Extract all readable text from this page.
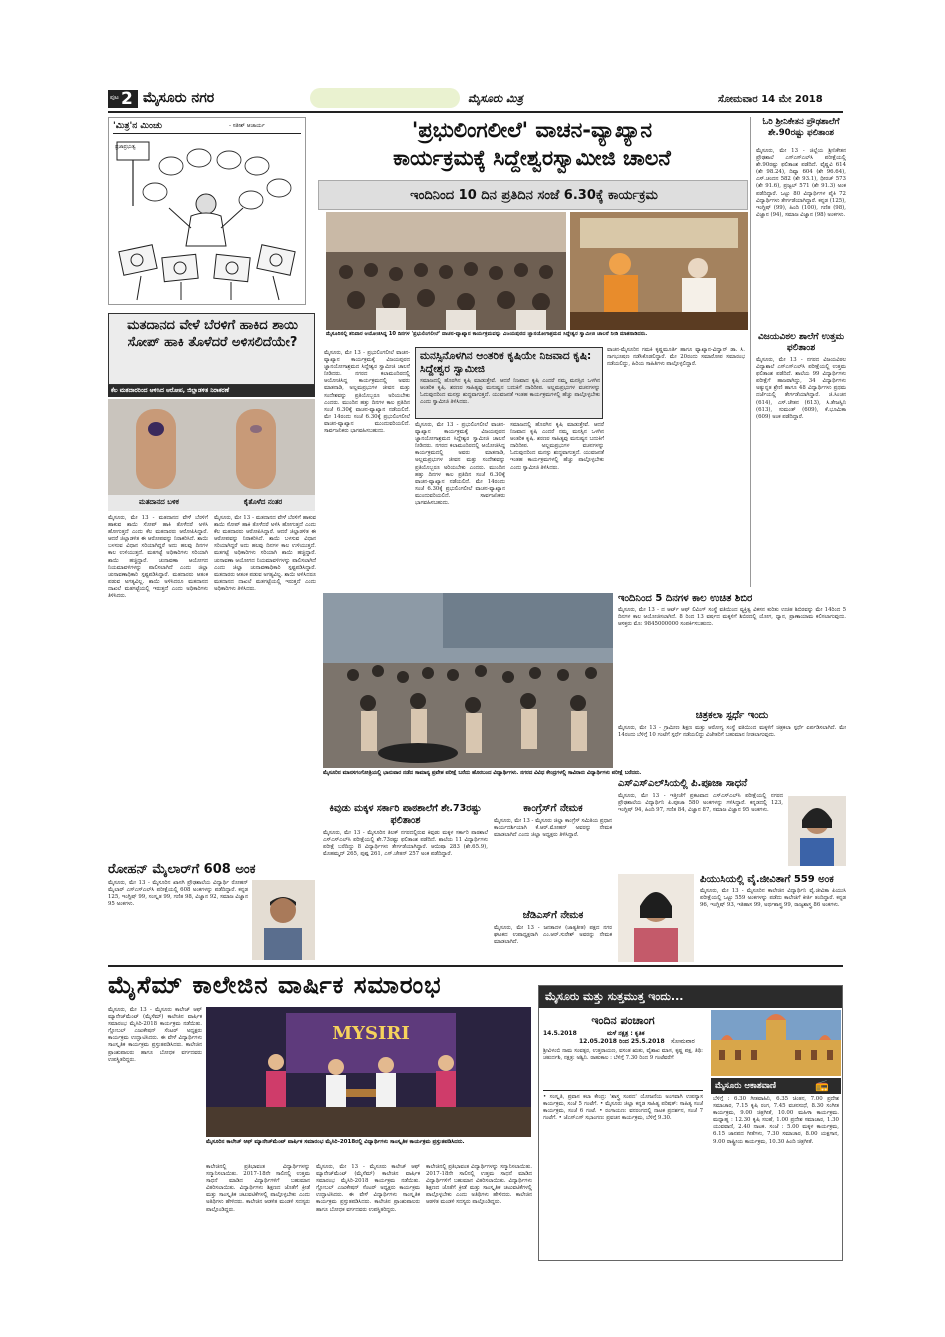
ಪುಟ 2 ಮೈಸೂರು ನಗರ	ಮೈಸೂರು ಮಿತ್ರ	ಸೋಮವಾರ 14 ಮೇ 2018
'ಮಿತ್ರ'ನ ಮಿಂಚು	- ಸತೀಶ್ ಆಚಾರ್ಯ
ಪ್ರಜಾಪ್ರಭುತ್ವ
'ಪ್ರಭುಲಿಂಗಲೀಲೆ' ವಾಚನ-ವ್ಯಾಖ್ಯಾನ
ಕಾರ್ಯಕ್ರಮಕ್ಕೆ ಸಿದ್ದೇಶ್ವರಸ್ವಾಮೀಜಿ ಚಾಲನೆ
ಇಂದಿನಿಂದ 10 ದಿನ ಪ್ರತಿದಿನ ಸಂಜೆ 6.30ಕ್ಕೆ ಕಾರ್ಯಕ್ರಮ
ಮೈಸೂರಿನಲ್ಲಿ ಶನಿವಾರ ಆಯೋಜಿಸಿದ್ದ 10 ದಿನಗಳ 'ಪ್ರಭುಲಿಂಗಲೀಲೆ' ವಾಚನ-ವ್ಯಾಖ್ಯಾನ ಕಾರ್ಯಕ್ರಮವನ್ನು ವಿಜಯಪುರದ ಜ್ಞಾನಯೋಗಾಶ್ರಮದ ಸಿದ್ದೇಶ್ವರ ಸ್ವಾಮೀಜಿ ಚಾಲನೆ ನೀಡಿ ಮಾತನಾಡಿದರು.
ಮೈಸೂರು, ಮೇ 13 - ಪ್ರಭುಲಿಂಗಲೀಲೆ ವಾಚನ-ವ್ಯಾಖ್ಯಾನ ಕಾರ್ಯಕ್ರಮಕ್ಕೆ ವಿಜಯಪುರದ ಜ್ಞಾನಯೋಗಾಶ್ರಮದ ಸಿದ್ದೇಶ್ವರ ಸ್ವಾಮೀಜಿ ಚಾಲನೆ ನೀಡಿದರು. ನಗರದ ಕಲಾಮಂದಿರದಲ್ಲಿ ಆಯೋಜಿಸಿದ್ದ ಕಾರ್ಯಕ್ರಮದಲ್ಲಿ ಅವರು ಮಾತನಾಡಿ, ಅಲ್ಲಮಪ್ರಭುಗಳ ಜೀವನ ಮತ್ತು ಸಂದೇಶವನ್ನು ಪ್ರತಿಯೊಬ್ಬರೂ ಅರಿಯಬೇಕು ಎಂದರು. ಮುಂದಿನ ಹತ್ತು ದಿನಗಳ ಕಾಲ ಪ್ರತಿದಿನ ಸಂಜೆ 6.30ಕ್ಕೆ ವಾಚನ-ವ್ಯಾಖ್ಯಾನ ನಡೆಯಲಿದೆ. ಮೇ 14ರಂದು ಸಂಜೆ 6.30ಕ್ಕೆ ಪ್ರಭುಲಿಂಗಲೀಲೆ ವಾಚನ-ವ್ಯಾಖ್ಯಾನ ಮುಂದುವರಿಯಲಿದೆ. ಸಾರ್ವಜನಿಕರು ಭಾಗವಹಿಸಬಹುದು.
ಮನಸ್ಸಿನೊಳಗಿನ ಆಂತರಿಕ ಕೃಷಿಯೇ ನಿಜವಾದ ಕೃಷಿ: ಸಿದ್ದೇಶ್ವರ ಸ್ವಾಮೀಜಿ
ಸಮಾಜದಲ್ಲಿ ಹೊರಗಿನ ಕೃಷಿ ಮಾಡುತ್ತೇವೆ. ಆದರೆ ನಿಜವಾದ ಕೃಷಿ ಎಂದರೆ ನಮ್ಮ ಮನಸ್ಸಿನ ಒಳಗಿನ ಆಂತರಿಕ ಕೃಷಿ. ಶರಣರ ಸಾಹಿತ್ಯವು ಮನುಷ್ಯನ ಬದುಕಿಗೆ ದಾರಿದೀಪ. ಅಲ್ಲಮಪ್ರಭುಗಳ ವಚನಗಳನ್ನು ಓದುವುದರಿಂದ ಮನಸ್ಸು ಶುದ್ಧವಾಗುತ್ತದೆ. ಯುವಜನತೆ ಇಂತಹ ಕಾರ್ಯಕ್ರಮಗಳಲ್ಲಿ ಹೆಚ್ಚು ಪಾಲ್ಗೊಳ್ಳಬೇಕು ಎಂದು ಸ್ವಾಮೀಜಿ ತಿಳಿಸಿದರು.
ಮೈಸೂರು, ಮೇ 13 - ಪ್ರಭುಲಿಂಗಲೀಲೆ ವಾಚನ-ವ್ಯಾಖ್ಯಾನ ಕಾರ್ಯಕ್ರಮಕ್ಕೆ ವಿಜಯಪುರದ ಜ್ಞಾನಯೋಗಾಶ್ರಮದ ಸಿದ್ದೇಶ್ವರ ಸ್ವಾಮೀಜಿ ಚಾಲನೆ ನೀಡಿದರು. ನಗರದ ಕಲಾಮಂದಿರದಲ್ಲಿ ಆಯೋಜಿಸಿದ್ದ ಕಾರ್ಯಕ್ರಮದಲ್ಲಿ ಅವರು ಮಾತನಾಡಿ, ಅಲ್ಲಮಪ್ರಭುಗಳ ಜೀವನ ಮತ್ತು ಸಂದೇಶವನ್ನು ಪ್ರತಿಯೊಬ್ಬರೂ ಅರಿಯಬೇಕು ಎಂದರು. ಮುಂದಿನ ಹತ್ತು ದಿನಗಳ ಕಾಲ ಪ್ರತಿದಿನ ಸಂಜೆ 6.30ಕ್ಕೆ ವಾಚನ-ವ್ಯಾಖ್ಯಾನ ನಡೆಯಲಿದೆ. ಮೇ 14ರಂದು ಸಂಜೆ 6.30ಕ್ಕೆ ಪ್ರಭುಲಿಂಗಲೀಲೆ ವಾಚನ-ವ್ಯಾಖ್ಯಾನ ಮುಂದುವರಿಯಲಿದೆ. ಸಾರ್ವಜನಿಕರು ಭಾಗವಹಿಸಬಹುದು.
ಸಮಾಜದಲ್ಲಿ ಹೊರಗಿನ ಕೃಷಿ ಮಾಡುತ್ತೇವೆ. ಆದರೆ ನಿಜವಾದ ಕೃಷಿ ಎಂದರೆ ನಮ್ಮ ಮನಸ್ಸಿನ ಒಳಗಿನ ಆಂತರಿಕ ಕೃಷಿ. ಶರಣರ ಸಾಹಿತ್ಯವು ಮನುಷ್ಯನ ಬದುಕಿಗೆ ದಾರಿದೀಪ. ಅಲ್ಲಮಪ್ರಭುಗಳ ವಚನಗಳನ್ನು ಓದುವುದರಿಂದ ಮನಸ್ಸು ಶುದ್ಧವಾಗುತ್ತದೆ. ಯುವಜನತೆ ಇಂತಹ ಕಾರ್ಯಕ್ರಮಗಳಲ್ಲಿ ಹೆಚ್ಚು ಪಾಲ್ಗೊಳ್ಳಬೇಕು ಎಂದು ಸ್ವಾಮೀಜಿ ತಿಳಿಸಿದರು.
ವಾಚನ-ಮೈಸೂರಿನ ಗಮಕಿ ಕೃಷ್ಣಮೂರ್ತಿ ಹಾಗೂ ವ್ಯಾಖ್ಯಾನ-ವಿದ್ವಾನ್ ಡಾ. ಸಿ. ನಾಗಭೂಷಣ ನಡೆಸಿಕೊಡಲಿದ್ದಾರೆ. ಮೇ 20ರಂದು ಸಮಾರೋಪ ಸಮಾರಂಭ ನಡೆಯಲಿದ್ದು, ಹಿರಿಯ ಸಾಹಿತಿಗಳು ಪಾಲ್ಗೊಳ್ಳಲಿದ್ದಾರೆ.
ಮತದಾನದ ವೇಳೆ ಬೆರಳಿಗೆ ಹಾಕಿದ ಶಾಯಿ ಸೋಪ್ ಹಾಕಿ ತೊಳೆದರೆ ಅಳಿಸಲಿದೆಯೇ?
ಕೆಲ ಮತದಾರರಿಂದ ಆಳಿಸಿದ ಆರೋಪ, ಜಿಲ್ಲಾಡಳಿತ ನಿರಾಕರಣೆ
ಮತದಾನದ ಬಳಿಕ	ಕೈತೊಳೆದ ನಂತರ
ಮೈಸೂರು, ಮೇ 13 - ಮತದಾನದ ವೇಳೆ ಬೆರಳಿಗೆ ಹಾಕುವ ಶಾಯಿ ಸೋಪ್ ಹಾಕಿ ತೊಳೆದರೆ ಅಳಿಸಿ ಹೋಗುತ್ತದೆ ಎಂದು ಕೆಲ ಮತದಾರರು ಆರೋಪಿಸಿದ್ದಾರೆ. ಆದರೆ ಜಿಲ್ಲಾಡಳಿತ ಈ ಆರೋಪವನ್ನು ನಿರಾಕರಿಸಿದೆ. ಶಾಯಿ ಬಳಸುವ ವಿಧಾನ ಸರಿಯಾಗಿದ್ದರೆ ಅದು ಹಲವು ದಿನಗಳ ಕಾಲ ಉಳಿಯುತ್ತದೆ. ಮತಗಟ್ಟೆ ಅಧಿಕಾರಿಗಳು ಸರಿಯಾಗಿ ಶಾಯಿ ಹಚ್ಚಿದ್ದಾರೆ. ಚುನಾವಣಾ ಆಯೋಗದ ನಿಯಮಾವಳಿಗಳನ್ನು ಪಾಲಿಸಲಾಗಿದೆ ಎಂದು ಜಿಲ್ಲಾ ಚುನಾವಣಾಧಿಕಾರಿ ಸ್ಪಷ್ಟಪಡಿಸಿದ್ದಾರೆ. ಮತದಾರರು ಆತಂಕ ಪಡುವ ಅಗತ್ಯವಿಲ್ಲ. ಶಾಯಿ ಅಳಿಸಿದರೂ ಮತದಾನದ ದಾಖಲೆ ಮತಗಟ್ಟೆಯಲ್ಲಿ ಇರುತ್ತದೆ ಎಂದು ಅಧಿಕಾರಿಗಳು ತಿಳಿಸಿದರು.
ಮೈಸೂರು, ಮೇ 13 - ಮತದಾನದ ವೇಳೆ ಬೆರಳಿಗೆ ಹಾಕುವ ಶಾಯಿ ಸೋಪ್ ಹಾಕಿ ತೊಳೆದರೆ ಅಳಿಸಿ ಹೋಗುತ್ತದೆ ಎಂದು ಕೆಲ ಮತದಾರರು ಆರೋಪಿಸಿದ್ದಾರೆ. ಆದರೆ ಜಿಲ್ಲಾಡಳಿತ ಈ ಆರೋಪವನ್ನು ನಿರಾಕರಿಸಿದೆ. ಶಾಯಿ ಬಳಸುವ ವಿಧಾನ ಸರಿಯಾಗಿದ್ದರೆ ಅದು ಹಲವು ದಿನಗಳ ಕಾಲ ಉಳಿಯುತ್ತದೆ. ಮತಗಟ್ಟೆ ಅಧಿಕಾರಿಗಳು ಸರಿಯಾಗಿ ಶಾಯಿ ಹಚ್ಚಿದ್ದಾರೆ. ಚುನಾವಣಾ ಆಯೋಗದ ನಿಯಮಾವಳಿಗಳನ್ನು ಪಾಲಿಸಲಾಗಿದೆ ಎಂದು ಜಿಲ್ಲಾ ಚುನಾವಣಾಧಿಕಾರಿ ಸ್ಪಷ್ಟಪಡಿಸಿದ್ದಾರೆ. ಮತದಾರರು ಆತಂಕ ಪಡುವ ಅಗತ್ಯವಿಲ್ಲ. ಶಾಯಿ ಅಳಿಸಿದರೂ ಮತದಾನದ ದಾಖಲೆ ಮತಗಟ್ಟೆಯಲ್ಲಿ ಇರುತ್ತದೆ ಎಂದು ಅಧಿಕಾರಿಗಳು ತಿಳಿಸಿದರು.
ಮೈಸೂರಿನ ಮಾನಸಗಂಗೋತ್ರಿಯಲ್ಲಿ ಭಾನುವಾರ ನಡೆದ ಸಾಮಾನ್ಯ ಪ್ರವೇಶ ಪರೀಕ್ಷೆ ಬರೆದು ಹೊರಬಂದ ವಿದ್ಯಾರ್ಥಿಗಳು. ನಗರದ ವಿವಿಧ ಕೇಂದ್ರಗಳಲ್ಲಿ ಸಾವಿರಾರು ವಿದ್ಯಾರ್ಥಿಗಳು ಪರೀಕ್ಷೆ ಬರೆದರು.
ಓರಿ ಶ್ರೀನಿಕೇತನ ಪ್ರೌಢಶಾಲೆಗೆ ಶೇ.90ರಷ್ಟು ಫಲಿತಾಂಶ
ಮೈಸೂರು, ಮೇ 13 - ಜಿಲ್ಲೆಯ ಶ್ರೀನಿಕೇತನ ಪ್ರೌಢಶಾಲೆ ಎಸ್ಎಸ್ಎಲ್‌ಸಿ ಪರೀಕ್ಷೆಯಲ್ಲಿ ಶೇ.90ರಷ್ಟು ಫಲಿತಾಂಶ ಪಡೆದಿದೆ. ವೈಷ್ಣವಿ 614 (ಶೇ 98.24), ದಿವ್ಯಾ 604 (ಶೇ 96.64), ಎಸ್.ಚಂದನ 582 (ಶೇ 93.1), ಧೀರಜ್ 573 (ಶೇ 91.6), ಪ್ರಜ್ವಲ್ 571 (ಶೇ 91.3) ಅಂಕ ಪಡೆದಿದ್ದಾರೆ. ಒಟ್ಟು 80 ವಿದ್ಯಾರ್ಥಿಗಳ ಪೈಕಿ 72 ವಿದ್ಯಾರ್ಥಿಗಳು ತೇರ್ಗಡೆಯಾಗಿದ್ದಾರೆ. ಕನ್ನಡ (125), ಇಂಗ್ಲಿಷ್ (99), ಹಿಂದಿ (100), ಗಣಿತ (98), ವಿಜ್ಞಾನ (94), ಸಮಾಜ ವಿಜ್ಞಾನ (98) ಅಂಕಗಳು.
ವಿಜಯವಿಠಲ ಶಾಲೆಗೆ ಉತ್ತಮ ಫಲಿತಾಂಶ
ಮೈಸೂರು, ಮೇ 13 - ನಗರದ ವಿಜಯವಿಠಲ ವಿದ್ಯಾಶಾಲೆ ಎಸ್ಎಸ್ಎಲ್‌ಸಿ ಪರೀಕ್ಷೆಯಲ್ಲಿ ಉತ್ತಮ ಫಲಿತಾಂಶ ಪಡೆದಿದೆ. ಶಾಲೆಯ 99 ವಿದ್ಯಾರ್ಥಿಗಳು ಪರೀಕ್ಷೆಗೆ ಹಾಜರಾಗಿದ್ದು, 34 ವಿದ್ಯಾರ್ಥಿಗಳು ಅತ್ಯುನ್ನತ ಶ್ರೇಣಿ ಹಾಗೂ 48 ವಿದ್ಯಾರ್ಥಿಗಳು ಪ್ರಥಮ ದರ್ಜೆಯಲ್ಲಿ ತೇರ್ಗಡೆಯಾಗಿದ್ದಾರೆ. ಜಿ.ಸಿಂಚನ (614), ಎಸ್.ಚೇತನ (613), ಸಿ.ತೇಜಸ್ವಿನಿ (613), ಸುಮಂತ್ (609), ಕೆ.ಭೂಮಿಕಾ (609) ಅಂಕ ಪಡೆದಿದ್ದಾರೆ.
ಇಂದಿನಿಂದ 5 ದಿನಗಳ ಕಾಲ ಉಚಿತ ಶಿಬಿರ
ಮೈಸೂರು, ಮೇ 13 - ದ ಆರ್ಟ್ ಆಫ್ ಲಿವಿಂಗ್ ಸಂಸ್ಥೆ ವತಿಯಿಂದ ವ್ಯಕ್ತಿತ್ವ ವಿಕಸನ ಕುರಿತು ಉಚಿತ ಶಿಬಿರವನ್ನು ಮೇ 14ರಿಂದ 5 ದಿನಗಳ ಕಾಲ ಆಯೋಜಿಸಲಾಗಿದೆ. 8 ರಿಂದ 13 ವರ್ಷದ ಮಕ್ಕಳಿಗೆ ಶಿಬಿರದಲ್ಲಿ ಯೋಗ, ಧ್ಯಾನ, ಪ್ರಾಣಾಯಾಮ ಕಲಿಸಲಾಗುವುದು. ಆಸಕ್ತರು ಮೊ: 9845000000 ಸಂಪರ್ಕಿಸಬಹುದು.
ಚಿತ್ರಕಲಾ ಸ್ಪರ್ಧೆ ಇಂದು
ಮೈಸೂರು, ಮೇ 13 - ಗ್ರಾಮೀಣ ಶಿಕ್ಷಣ ಮತ್ತು ಆರೋಗ್ಯ ಸಂಸ್ಥೆ ವತಿಯಿಂದ ಮಕ್ಕಳಿಗೆ ಚಿತ್ರಕಲಾ ಸ್ಪರ್ಧೆ ಏರ್ಪಡಿಸಲಾಗಿದೆ. ಮೇ 14ರಂದು ಬೆಳಿಗ್ಗೆ 10 ಗಂಟೆಗೆ ಸ್ಪರ್ಧೆ ನಡೆಯಲಿದ್ದು ವಿಜೇತರಿಗೆ ಬಹುಮಾನ ನೀಡಲಾಗುವುದು.
ಎಸ್ಎಸ್ಎಲ್‌ಸಿಯಲ್ಲಿ ಪಿ.ಪೂಜಾ ಸಾಧನೆ
ಮೈಸೂರು, ಮೇ 13 - ಇತ್ತೀಚೆಗೆ ಪ್ರಕಟವಾದ ಎಸ್ಎಸ್ಎಲ್‌ಸಿ ಪರೀಕ್ಷೆಯಲ್ಲಿ ನಗರದ ಪ್ರೌಢಶಾಲೆಯ ವಿದ್ಯಾರ್ಥಿನಿ ಪಿ.ಪೂಜಾ 580 ಅಂಕಗಳನ್ನು ಗಳಿಸಿದ್ದಾರೆ. ಕನ್ನಡದಲ್ಲಿ 123, ಇಂಗ್ಲಿಷ್ 94, ಹಿಂದಿ 97, ಗಣಿತ 84, ವಿಜ್ಞಾನ 87, ಸಮಾಜ ವಿಜ್ಞಾನ 95 ಅಂಕಗಳು.
ಪಿಯುಸಿಯಲ್ಲಿ ವೈ.ಜೀವಿತಾಗೆ 559 ಅಂಕ
ಮೈಸೂರು, ಮೇ 13 - ಮೈಸೂರಿನ ಕಾಲೇಜಿನ ವಿದ್ಯಾರ್ಥಿನಿ ವೈ.ಜೀವಿತಾ ಪಿಯುಸಿ ಪರೀಕ್ಷೆಯಲ್ಲಿ ಒಟ್ಟು 559 ಅಂಕಗಳನ್ನು ಪಡೆದು ಕಾಲೇಜಿಗೆ ಕೀರ್ತಿ ತಂದಿದ್ದಾರೆ. ಕನ್ನಡ 96, ಇಂಗ್ಲಿಷ್ 93, ಇತಿಹಾಸ 99, ಅರ್ಥಶಾಸ್ತ್ರ 99, ರಾಜ್ಯಶಾಸ್ತ್ರ 86 ಅಂಕಗಳು.
ಕಿವುಡು ಮಕ್ಕಳ ಸರ್ಕಾರಿ ಪಾಠಶಾಲೆಗೆ ಶೇ.73ರಷ್ಟು ಫಲಿತಾಂಶ
ಮೈಸೂರು, ಮೇ 13 - ಮೈಸೂರಿನ ತಿಲಕ್ ನಗರದಲ್ಲಿರುವ ಕಿವುಡು ಮಕ್ಕಳ ಸರ್ಕಾರಿ ಪಾಠಶಾಲೆ ಎಸ್ಎಸ್ಎಲ್‌ಸಿ ಪರೀಕ್ಷೆಯಲ್ಲಿ ಶೇ.73ರಷ್ಟು ಫಲಿತಾಂಶ ಪಡೆದಿದೆ. ಶಾಲೆಯ 11 ವಿದ್ಯಾರ್ಥಿಗಳು ಪರೀಕ್ಷೆ ಬರೆದಿದ್ದು 8 ವಿದ್ಯಾರ್ಥಿಗಳು ತೇರ್ಗಡೆಯಾಗಿದ್ದಾರೆ. ಆಯಿಷಾ 283 (ಶೇ.65.9), ಮೊಹಮ್ಮದ್ 265, ಪುಷ್ಪ 261, ಎಸ್.ಚೇತನ್ 257 ಅಂಕ ಪಡೆದಿದ್ದಾರೆ.
ಕಾಂಗ್ರೆಸ್‌ಗೆ ನೇಮಕ
ಮೈಸೂರು, ಮೇ 13 - ಮೈಸೂರು ಜಿಲ್ಲಾ ಕಾಂಗ್ರೆಸ್ ಸಮಿತಿಯ ಪ್ರಧಾನ ಕಾರ್ಯದರ್ಶಿಯಾಗಿ ಕೆ.ಆರ್.ಮೋಹನ್ ಅವರನ್ನು ನೇಮಕ ಮಾಡಲಾಗಿದೆ ಎಂದು ಜಿಲ್ಲಾ ಅಧ್ಯಕ್ಷರು ತಿಳಿಸಿದ್ದಾರೆ.
ಜೆಡಿಎಸ್‌ಗೆ ನೇಮಕ
ಮೈಸೂರು, ಮೇ 13 - ಜನತಾದಳ (ಜಾತ್ಯತೀತ) ಪಕ್ಷದ ನಗರ ಘಟಕದ ಉಪಾಧ್ಯಕ್ಷರಾಗಿ ಎಂ.ಆರ್.ಸುರೇಶ್ ಅವರನ್ನು ನೇಮಕ ಮಾಡಲಾಗಿದೆ.
ರೋಹನ್ ಮೈಲಾರ್‌ಗೆ 608 ಅಂಕ
ಮೈಸೂರು, ಮೇ 13 - ಮೈಸೂರಿನ ಖಾಸಗಿ ಪ್ರೌಢಶಾಲೆಯ ವಿದ್ಯಾರ್ಥಿ ರೋಹನ್ ಮೈಲಾರ್ ಎಸ್ಎಸ್ಎಲ್‌ಸಿ ಪರೀಕ್ಷೆಯಲ್ಲಿ 608 ಅಂಕಗಳನ್ನು ಪಡೆದಿದ್ದಾರೆ. ಕನ್ನಡ 125, ಇಂಗ್ಲಿಷ್ 99, ಸಂಸ್ಕೃತ 99, ಗಣಿತ 98, ವಿಜ್ಞಾನ 92, ಸಮಾಜ ವಿಜ್ಞಾನ 95 ಅಂಕಗಳು.
ಮೈಸೆಮ್ ಕಾಲೇಜಿನ ವಾರ್ಷಿಕ ಸಮಾರಂಭ
ಮೈಸೂರು, ಮೇ 13 - ಮೈಸೂರು ಕಾಲೇಜ್ ಆಫ್ ಮ್ಯಾನೇಜ್‌ಮೆಂಟ್ (ಮೈಸೆಮ್) ಕಾಲೇಜಿನ ವಾರ್ಷಿಕ ಸಮಾರಂಭ ಮೈಸಿರಿ-2018 ಕಾರ್ಯಕ್ರಮ ನಡೆಯಿತು. ಗ್ಲೋಬಲ್ ಎಜುಕೇಷನ್ ಸೆಂಟರ್ ಅಧ್ಯಕ್ಷರು ಕಾರ್ಯಕ್ರಮ ಉದ್ಘಾಟಿಸಿದರು. ಈ ವೇಳೆ ವಿದ್ಯಾರ್ಥಿಗಳು ಸಾಂಸ್ಕೃತಿಕ ಕಾರ್ಯಕ್ರಮ ಪ್ರಸ್ತುತಪಡಿಸಿದರು. ಕಾಲೇಜಿನ ಪ್ರಾಂಶುಪಾಲರು ಹಾಗೂ ಬೋಧಕ ವರ್ಗದವರು ಉಪಸ್ಥಿತರಿದ್ದರು.
MYSIRI
ಮೈಸೂರಿನ ಕಾಲೇಜ್ ಆಫ್ ಮ್ಯಾನೇಜ್‌ಮೆಂಟ್ ವಾರ್ಷಿಕ ಸಮಾರಂಭ ಮೈಸಿರಿ-2018ರಲ್ಲಿ ವಿದ್ಯಾರ್ಥಿಗಳು ಸಾಂಸ್ಕೃತಿಕ ಕಾರ್ಯಕ್ರಮ ಪ್ರಸ್ತುತಪಡಿಸಿದರು.
ಕಾಲೇಜಿನಲ್ಲಿ ಪ್ರತಿಭಾವಂತ ವಿದ್ಯಾರ್ಥಿಗಳನ್ನು ಸನ್ಮಾನಿಸಲಾಯಿತು. 2017-18ನೇ ಸಾಲಿನಲ್ಲಿ ಉತ್ತಮ ಸಾಧನೆ ಮಾಡಿದ ವಿದ್ಯಾರ್ಥಿಗಳಿಗೆ ಬಹುಮಾನ ವಿತರಿಸಲಾಯಿತು. ವಿದ್ಯಾರ್ಥಿಗಳು ಶಿಕ್ಷಣದ ಜೊತೆಗೆ ಕ್ರೀಡೆ ಮತ್ತು ಸಾಂಸ್ಕೃತಿಕ ಚಟುವಟಿಕೆಗಳಲ್ಲಿ ಪಾಲ್ಗೊಳ್ಳಬೇಕು ಎಂದು ಅತಿಥಿಗಳು ಹೇಳಿದರು. ಕಾಲೇಜಿನ ಆಡಳಿತ ಮಂಡಳಿ ಸದಸ್ಯರು ಪಾಲ್ಗೊಂಡಿದ್ದರು.
ಮೈಸೂರು, ಮೇ 13 - ಮೈಸೂರು ಕಾಲೇಜ್ ಆಫ್ ಮ್ಯಾನೇಜ್‌ಮೆಂಟ್ (ಮೈಸೆಮ್) ಕಾಲೇಜಿನ ವಾರ್ಷಿಕ ಸಮಾರಂಭ ಮೈಸಿರಿ-2018 ಕಾರ್ಯಕ್ರಮ ನಡೆಯಿತು. ಗ್ಲೋಬಲ್ ಎಜುಕೇಷನ್ ಸೆಂಟರ್ ಅಧ್ಯಕ್ಷರು ಕಾರ್ಯಕ್ರಮ ಉದ್ಘಾಟಿಸಿದರು. ಈ ವೇಳೆ ವಿದ್ಯಾರ್ಥಿಗಳು ಸಾಂಸ್ಕೃತಿಕ ಕಾರ್ಯಕ್ರಮ ಪ್ರಸ್ತುತಪಡಿಸಿದರು. ಕಾಲೇಜಿನ ಪ್ರಾಂಶುಪಾಲರು ಹಾಗೂ ಬೋಧಕ ವರ್ಗದವರು ಉಪಸ್ಥಿತರಿದ್ದರು.
ಕಾಲೇಜಿನಲ್ಲಿ ಪ್ರತಿಭಾವಂತ ವಿದ್ಯಾರ್ಥಿಗಳನ್ನು ಸನ್ಮಾನಿಸಲಾಯಿತು. 2017-18ನೇ ಸಾಲಿನಲ್ಲಿ ಉತ್ತಮ ಸಾಧನೆ ಮಾಡಿದ ವಿದ್ಯಾರ್ಥಿಗಳಿಗೆ ಬಹುಮಾನ ವಿತರಿಸಲಾಯಿತು. ವಿದ್ಯಾರ್ಥಿಗಳು ಶಿಕ್ಷಣದ ಜೊತೆಗೆ ಕ್ರೀಡೆ ಮತ್ತು ಸಾಂಸ್ಕೃತಿಕ ಚಟುವಟಿಕೆಗಳಲ್ಲಿ ಪಾಲ್ಗೊಳ್ಳಬೇಕು ಎಂದು ಅತಿಥಿಗಳು ಹೇಳಿದರು. ಕಾಲೇಜಿನ ಆಡಳಿತ ಮಂಡಳಿ ಸದಸ್ಯರು ಪಾಲ್ಗೊಂಡಿದ್ದರು.
ಮೈಸೂರು ಮತ್ತು ಸುತ್ತಮುತ್ತ ಇಂದು...
ಇಂದಿನ ಪಂಚಾಂಗ
14.5.2018	ಮಳೆ ನಕ್ಷತ್ರ : ಕೃತಿಕ
12.05.2018 ರಿಂದ 25.5.2018 ಸೋಮವಾರ
ಶ್ರೀವಿಳಂಬಿ ನಾಮ ಸಂವತ್ಸರ, ಉತ್ತರಾಯಣ, ವಸಂತ ಋತು, ವೈಶಾಖ ಮಾಸ, ಕೃಷ್ಣ ಪಕ್ಷ, ತಿಥಿ: ಚತುರ್ದಶಿ, ನಕ್ಷತ್ರ: ಅಶ್ವಿನಿ. ರಾಹುಕಾಲ : ಬೆಳಿಗ್ಗೆ 7.30 ರಿಂದ 9 ಗಂಟೆವರೆಗೆ
• ಸಂಸ್ಕೃತಿ, ಪ್ರವಾಸ ಕಲಾ ಕೇಂದ್ರ: 'ಶಾಸ್ತ್ರ ಸಂಪದ' ಯೋಜನೆಯ ಅಂಗವಾಗಿ ಉಪನ್ಯಾಸ ಕಾರ್ಯಕ್ರಮ, ಸಂಜೆ 5 ಗಂಟೆಗೆ. • ಮೈಸೂರು ಜಿಲ್ಲಾ ಕನ್ನಡ ಸಾಹಿತ್ಯ ಪರಿಷತ್: ಸಾಹಿತ್ಯ ಸಂಜೆ ಕಾರ್ಯಕ್ರಮ, ಸಂಜೆ 6 ಗಂಟೆ. • ರಂಗಾಯಣ: ವನರಂಗದಲ್ಲಿ ನಾಟಕ ಪ್ರದರ್ಶನ, ಸಂಜೆ 7 ಗಂಟೆಗೆ. • ಜೆಎಸ್ಎಸ್ ಸಭಾಂಗಣ: ಪ್ರವಚನ ಕಾರ್ಯಕ್ರಮ, ಬೆಳಿಗ್ಗೆ 9.30.
ಮೈಸೂರು ಆಕಾಶವಾಣಿ	📻
ಬೆಳಿಗ್ಗೆ : 6.30 ಗೀತವಾಹಿನಿ, 6.35 ಚಿಂತನ, 7.00 ಪ್ರದೇಶ ಸಮಾಚಾರ, 7.15 ಕೃಷಿ ರಂಗ, 7.45 ವಚನಸುಧೆ, 8.30 ಸಂಗೀತ ಕಾರ್ಯಕ್ರಮ, 9.00 ಚಿತ್ರಗೀತೆ, 10.00 ಮಹಿಳಾ ಕಾರ್ಯಕ್ರಮ. ಮಧ್ಯಾಹ್ನ : 12.30 ಕೃಷಿ ಸಲಹೆ, 1.00 ಪ್ರದೇಶ ಸಮಾಚಾರ, 1.30 ಯುವವಾಣಿ, 2.40 ನಾಟಕ. ಸಂಜೆ : 5.00 ಮಕ್ಕಳ ಕಾರ್ಯಕ್ರಮ, 6.15 ಜಾನಪದ ಗೀತೆಗಳು, 7.30 ಸಮಾಚಾರ, 8.00 ಯಕ್ಷಗಾನ, 9.00 ರಾಷ್ಟ್ರೀಯ ಕಾರ್ಯಕ್ರಮ, 10.30 ಹಿಂದಿ ಚಿತ್ರಗೀತೆ.
